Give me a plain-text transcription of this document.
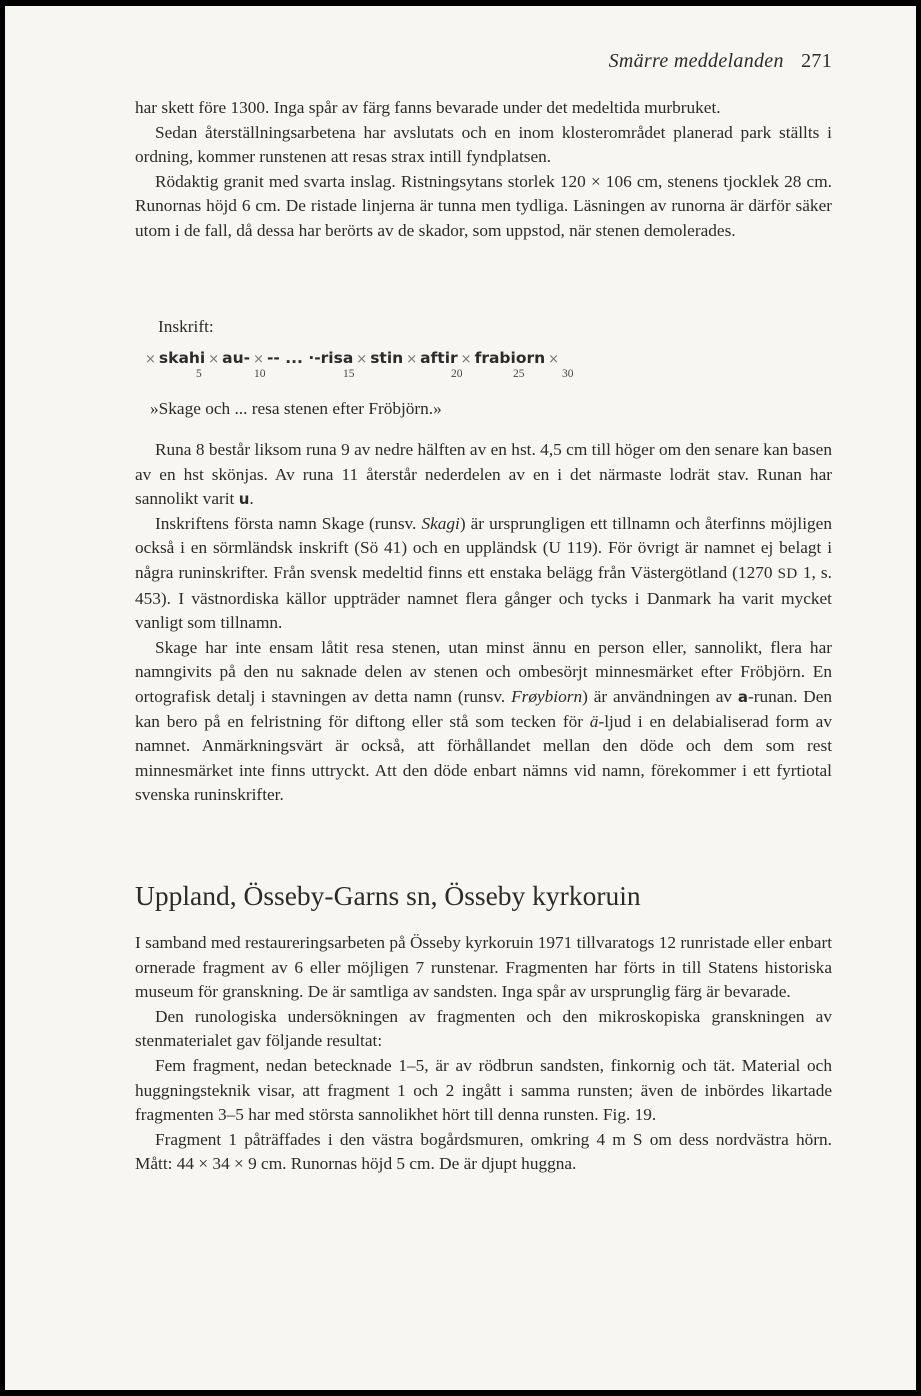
Smärre meddelanden 271

har skett före 1300. Inga spår av färg fanns bevarade under det medeltida murbruket.

Sedan återställningsarbetena har avslutats och en inom klosterområdet planerad park ställts i ordning, kommer runstenen att resas strax intill fyndplatsen.

Rödaktig granit med svarta inslag. Ristningsytans storlek 120 × 106 cm, stenens tjocklek 28 cm. Runornas höjd 6 cm. De ristade linjerna är tunna men tydliga. Läsningen av runorna är därför säker utom i de fall, då dessa har berörts av de skador, som uppstod, när stenen demolerades.

Inskrift:
× skahi × au- × -- ... ·-risa × stin × aftir × frabiorn ×
5	10	15	20	25	30
»Skage och ... resa stenen efter Fröbjörn.»

Runa 8 består liksom runa 9 av nedre hälften av en hst. 4,5 cm till höger om den senare kan basen av en hst skönjas. Av runa 11 återstår nederdelen av en i det närmaste lodrät stav. Runan har sannolikt varit u.

Inskriftens första namn Skage (runsv. Skagi) är ursprungligen ett tillnamn och återfinns möjligen också i en sörmländsk inskrift (Sö 41) och en uppländsk (U 119). För övrigt är namnet ej belagt i några runinskrifter. Från svensk medeltid finns ett enstaka belägg från Västergötland (1270 SD 1, s. 453). I västnordiska källor uppträder namnet flera gånger och tycks i Danmark ha varit mycket vanligt som tillnamn.

Skage har inte ensam låtit resa stenen, utan minst ännu en person eller, sannolikt, flera har namngivits på den nu saknade delen av stenen och ombesörjt minnesmärket efter Fröbjörn. En ortografisk detalj i stavningen av detta namn (runsv. Frøybiorn) är användningen av a-runan. Den kan bero på en felristning för diftong eller stå som tecken för ä-ljud i en delabialiserad form av namnet. Anmärkningsvärt är också, att förhållandet mellan den döde och dem som rest minnesmärket inte finns uttryckt. Att den döde enbart nämns vid namn, förekommer i ett fyrtiotal svenska runinskrifter.

Uppland, Össeby-Garns sn, Össeby kyrkoruin

I samband med restaureringsarbeten på Össeby kyrkoruin 1971 tillvaratogs 12 runristade eller enbart ornerade fragment av 6 eller möjligen 7 runstenar. Fragmenten har förts in till Statens historiska museum för granskning. De är samtliga av sandsten. Inga spår av ursprunglig färg är bevarade.

Den runologiska undersökningen av fragmenten och den mikroskopiska granskningen av stenmaterialet gav följande resultat:

Fem fragment, nedan betecknade 1–5, är av rödbrun sandsten, finkornig och tät. Material och huggningsteknik visar, att fragment 1 och 2 ingått i samma runsten; även de inbördes likartade fragmenten 3–5 har med största sannolikhet hört till denna runsten. Fig. 19.

Fragment 1 påträffades i den västra bogårdsmuren, omkring 4 m S om dess nordvästra hörn. Mått: 44 × 34 × 9 cm. Runornas höjd 5 cm. De är djupt huggna.
